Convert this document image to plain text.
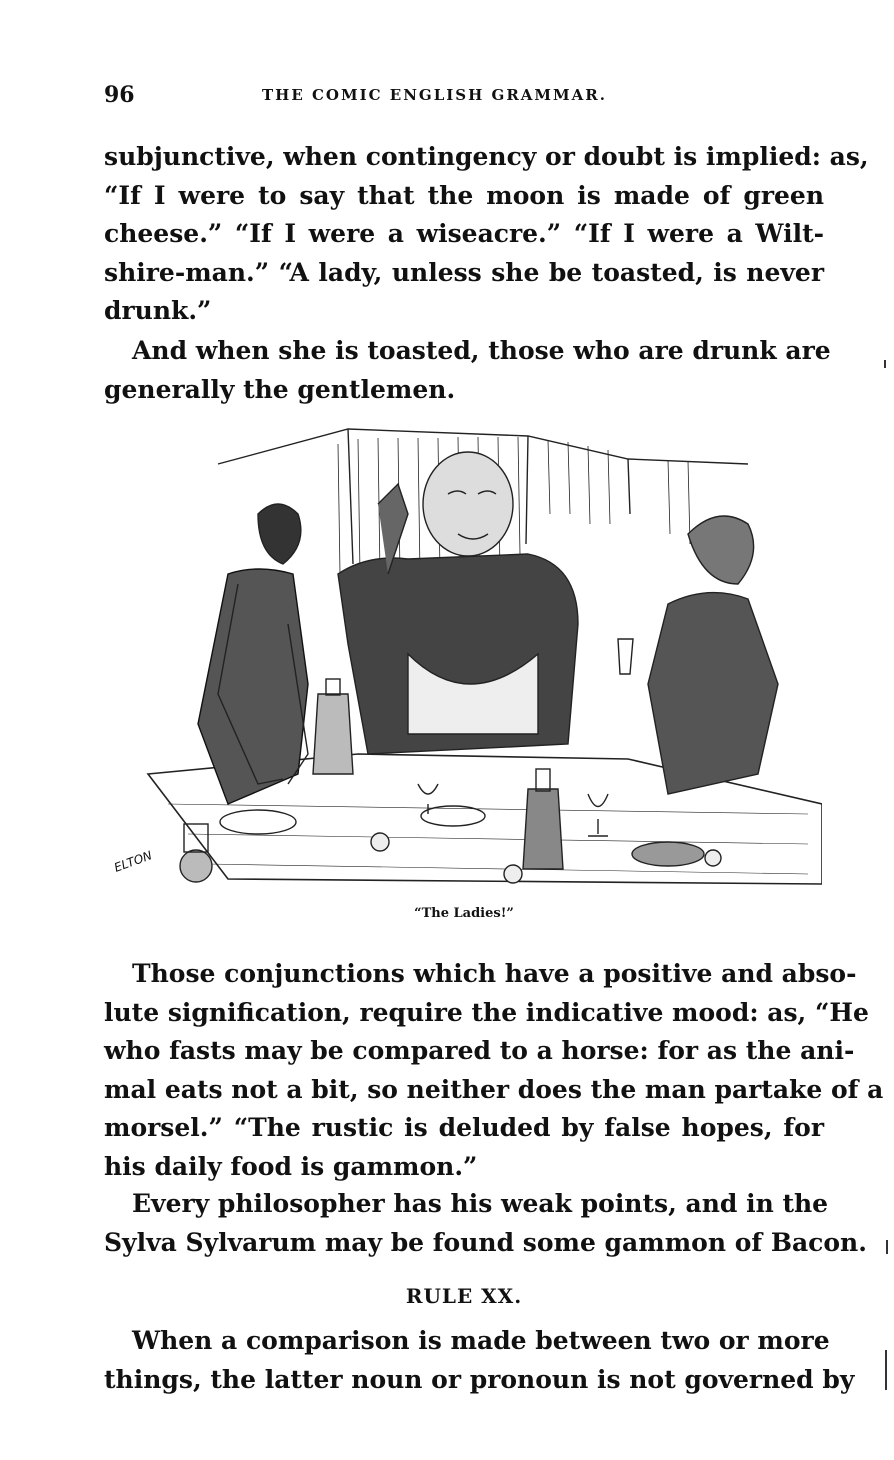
96	THE COMIC ENGLISH GRAMMAR.
subjunctive, when contingency or doubt is implied: as,
“If I were to say that the moon is made of green
cheese.” “If I were a wiseacre.” “If I were a Wilt-
shire-man.” “A lady, unless she be toasted, is never
drunk.”
And when she is toasted, those who are drunk are
generally the gentlemen.
ELTON
“The Ladies!”
Those conjunctions which have a positive and abso-
lute signification, require the indicative mood: as, “He
who fasts may be compared to a horse: for as the ani-
mal eats not a bit, so neither does the man partake of a
morsel.” “The rustic is deluded by false hopes, for
his daily food is gammon.”
Every philosopher has his weak points, and in the
Sylva Sylvarum may be found some gammon of Bacon.
RULE XX.
When a comparison is made between two or more
things, the latter noun or pronoun is not governed by
